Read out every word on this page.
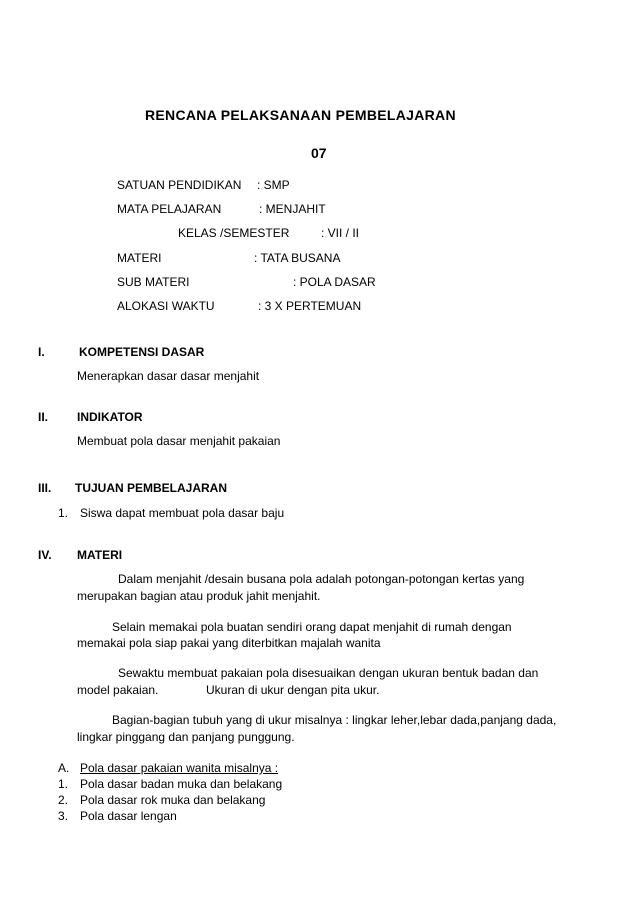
RENCANA PELAKSANAAN PEMBELAJARAN
07
SATUAN PENDIDIKAN : SMP
MATA PELAJARAN	: MENJAHIT
KELAS /SEMESTER	: VII / II
MATERI	: TATA BUSANA
SUB MATERI	: POLA DASAR
ALOKASI WAKTU	: 3 X PERTEMUAN
I.	KOMPETENSI DASAR
Menerapkan dasar dasar menjahit
II. INDIKATOR
Membuat pola dasar menjahit pakaian
III. TUJUAN PEMBELAJARAN
1. Siswa dapat membuat pola dasar baju
IV. MATERI
Dalam menjahit /desain busana pola adalah potongan-potongan kertas yang
merupakan bagian atau produk jahit menjahit.
Selain memakai pola buatan sendiri orang dapat menjahit di rumah dengan
memakai pola siap pakai yang diterbitkan majalah wanita
Sewaktu membuat pakaian pola disesuaikan dengan ukuran bentuk badan dan
model pakaian.	Ukuran di ukur dengan pita ukur.
Bagian-bagian tubuh yang di ukur misalnya : lingkar leher,lebar dada,panjang dada,
lingkar pinggang dan panjang punggung.
A. Pola dasar pakaian wanita misalnya :
1. Pola dasar badan muka dan belakang
2. Pola dasar rok muka dan belakang
3. Pola dasar lengan
